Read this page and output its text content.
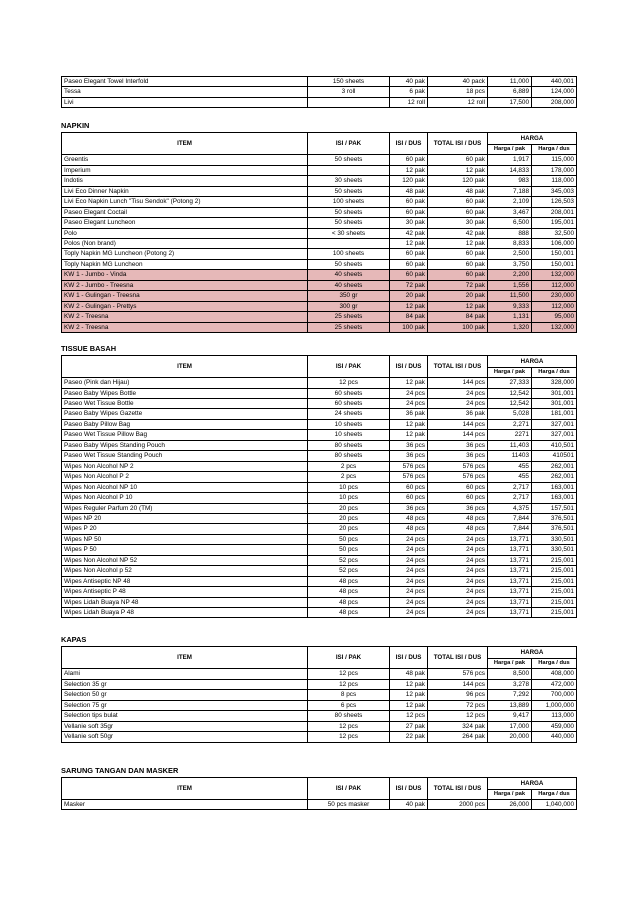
Paseo Elegant Towel Interfold	150 sheets	40 pak	40 pack	11,000	440,001
Tessa	3 roll	6 pak	18 pcs	6,889	124,000
Livi		12 roll	12 roll	17,500	208,000
NAPKIN
ITEM	ISI / PAK	ISI / DUS	TOTAL ISI / DUS	HARGA	
				Harga / pak	Harga / dus
Greentis	50 sheets	60 pak	60 pak	1,917	115,000
Imperium		12 pak	12 pak	14,833	178,000
Indotis	30 sheets	120 pak	120 pak	983	118,000
Livi Eco Dinner Napkin	50 sheets	48 pak	48 pak	7,188	345,003
Livi Eco Napkin Lunch "Tisu Sendok" (Potong 2)	100 sheets	60 pak	60 pak	2,109	126,503
Paseo Elegant Coctail	50 sheets	60 pak	60 pak	3,467	208,001
Paseo Elegant Luncheon	50 sheets	30 pak	30 pak	6,500	195,001
Polo	< 30 sheets	42 pak	42 pak	888	32,500
Polos (Non brand)		12 pak	12 pak	8,833	106,000
Toply Napkin MG Luncheon (Potong 2)	100 sheets	60 pak	60 pak	2,500	150,001
Toply Napkin MG Luncheon	50 sheets	60 pak	60 pak	3,750	150,001
KW 1 - Jumbo - Vinda	40 sheets	60 pak	60 pak	2,200	132,000
KW 2 - Jumbo - Treesna	40 sheets	72 pak	72 pak	1,556	112,000
KW 1 - Gulingan - Treesna	350 gr	20 pak	20 pak	11,500	230,000
KW 2 - Gulingan - Prettys	300 gr	12 pak	12 pak	9,333	112,000
KW 2 - Treesna	25 sheets	84 pak	84 pak	1,131	95,000
KW 2 - Treesna	25 sheets	100 pak	100 pak	1,320	132,000
TISSUE BASAH
ITEM	ISI / PAK	ISI / DUS	TOTAL ISI / DUS	HARGA	
				Harga / pak	Harga / dus
Paseo (Pink dan Hijau)	12 pcs	12 pak	144 pcs	27,333	328,000
Paseo Baby Wipes Bottle	60 sheets	24 pcs	24 pcs	12,542	301,001
Paseo Wet Tissue Bottle	60 sheets	24 pcs	24 pcs	12,542	301,001
Paseo Baby Wipes Gazette	24 sheets	36 pak	36 pak	5,028	181,001
Paseo Baby Pillow Bag	10 sheets	12 pak	144 pcs	2,271	327,001
Paseo Wet Tissue Pillow Bag	10 sheets	12 pak	144 pcs	2271	327,001
Paseo Baby Wipes Standing Pouch	80 sheets	36 pcs	36 pcs	11,403	410,501
Paseo Wet Tissue Standing Pouch	80 sheets	36 pcs	36 pcs	11403	410501
Wipes Non Alcohol NP 2	2 pcs	576 pcs	576 pcs	455	262,001
Wipes Non Alcohol P 2	2 pcs	576 pcs	576 pcs	455	262,001
Wipes Non Alcohol NP 10	10 pcs	60 pcs	60 pcs	2,717	163,001
Wipes Non Alcohol P 10	10 pcs	60 pcs	60 pcs	2,717	163,001
Wipes Reguler Parfum 20 (TM)	20 pcs	36 pcs	36 pcs	4,375	157,501
Wipes NP 20	20 pcs	48 pcs	48 pcs	7,844	376,501
Wipes P 20	20 pcs	48 pcs	48 pcs	7,844	376,501
Wipes NP 50	50 pcs	24 pcs	24 pcs	13,771	330,501
Wipes P 50	50 pcs	24 pcs	24 pcs	13,771	330,501
Wipes Non Alcohol NP 52	52 pcs	24 pcs	24 pcs	13,771	215,001
Wipes Non Alcohol p 52	52 pcs	24 pcs	24 pcs	13,771	215,001
Wipes Antiseptic NP 48	48 pcs	24 pcs	24 pcs	13,771	215,001
Wipes Antiseptic P 48	48 pcs	24 pcs	24 pcs	13,771	215,001
Wipes Lidah Buaya NP 48	48 pcs	24 pcs	24 pcs	13,771	215,001
Wipes Lidah Buaya P 48	48 pcs	24 pcs	24 pcs	13,771	215,001
KAPAS
ITEM	ISI / PAK	ISI / DUS	TOTAL ISI / DUS	HARGA	
				Harga / pak	Harga / dus
Alami	12 pcs	48 pak	576 pcs	8,500	408,000
Selection 35 gr	12 pcs	12 pak	144 pcs	3,278	472,000
Selection 50 gr	8 pcs	12 pak	96 pcs	7,292	700,000
Selection 75 gr	6 pcs	12 pak	72 pcs	13,889	1,000,000
Selection tips bulat	80 sheets	12 pcs	12 pcs	9,417	113,000
Vellanie soft 35gr	12 pcs	27 pak	324 pak	17,000	459,000
Vellanie soft 50gr	12 pcs	22 pak	264 pak	20,000	440,000
SARUNG TANGAN DAN MASKER
ITEM	ISI / PAK	ISI / DUS	TOTAL ISI / DUS	HARGA	
				Harga / pak	Harga / dus
Masker	50 pcs masker	40 pak	2000 pcs	26,000	1,040,000
